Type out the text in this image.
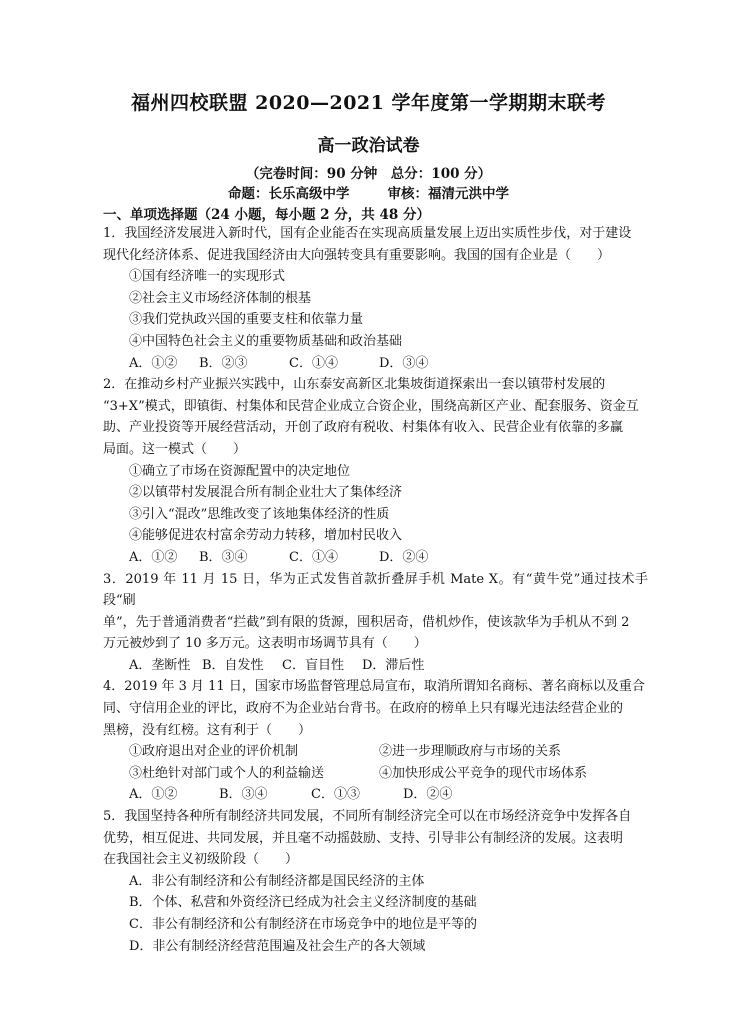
福州四校联盟 2020—2021 学年度第一学期期末联考
高一政治试卷
（完卷时间：90 分钟　总分：100 分）
命题：长乐高级中学	审核：福清元洪中学
一、单项选择题（24 小题，每小题 2 分，共 48 分）
1．我国经济发展进入新时代，国有企业能否在实现高质量发展上迈出实质性步伐，对于建设
现代化经济体系、促进我国经济由大向强转变具有重要影响。我国的国有企业是（　　）
①国有经济唯一的实现形式
②社会主义市场经济体制的根基
③我们党执政兴国的重要支柱和依靠力量
④中国特色社会主义的重要物质基础和政治基础
A．①② B．②③	C．①④	D．③④
2．在推动乡村产业振兴实践中，山东泰安高新区北集坡街道探索出一套以镇带村发展的
“3+X”模式，即镇街、村集体和民营企业成立合资企业，围绕高新区产业、配套服务、资金互
助、产业投资等开展经营活动，开创了政府有税收、村集体有收入、民营企业有依靠的多赢
局面。这一模式（　　）
①确立了市场在资源配置中的决定地位
②以镇带村发展混合所有制企业壮大了集体经济
③引入“混改”思维改变了该地集体经济的性质
④能够促进农村富余劳动力转移，增加村民收入
A．①② B．③④	C．①④	D．②④
3．2019 年 11 月 15 日，华为正式发售首款折叠屏手机 Mate X。有“黄牛党”通过技术手段“刷
单”，先于普通消费者“拦截”到有限的货源，囤积居奇，借机炒作，使该款华为手机从不到 2
万元被炒到了 10 多万元。这表明市场调节具有（　　）
A．垄断性 B．自发性 C．盲目性 D．滞后性
4．2019 年 3 月 11 日，国家市场监督管理总局宣布，取消所谓知名商标、著名商标以及重合
同、守信用企业的评比，政府不为企业站台背书。在政府的榜单上只有曝光违法经营企业的
黑榜，没有红榜。这有利于（　　）
①政府退出对企业的评价机制	②进一步理顺政府与市场的关系
③杜绝针对部门或个人的利益输送	④加快形成公平竞争的现代市场体系
A．①②	B．③④	C．①③	D．②④
5．我国坚持各种所有制经济共同发展，不同所有制经济完全可以在市场经济竞争中发挥各自
优势，相互促进、共同发展，并且毫不动摇鼓励、支持、引导非公有制经济的发展。这表明
在我国社会主义初级阶段（　　）
A．非公有制经济和公有制经济都是国民经济的主体
B．个体、私营和外资经济已经成为社会主义经济制度的基础
C．非公有制经济和公有制经济在市场竞争中的地位是平等的
D．非公有制经济经营范围遍及社会生产的各大领域
